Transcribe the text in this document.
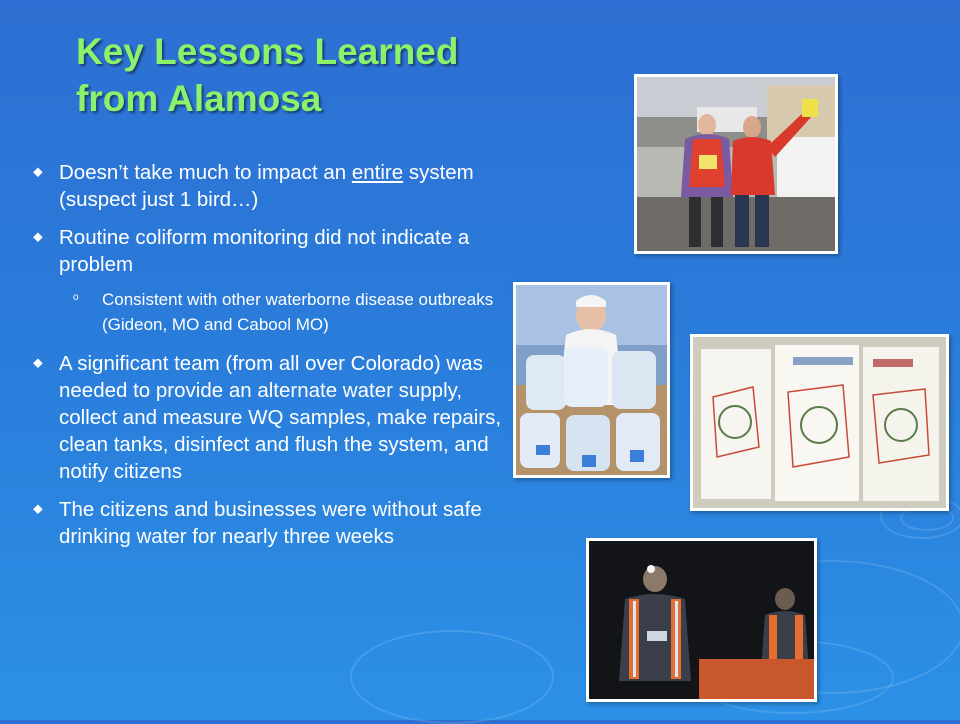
Key Lessons Learned
from Alamosa
⬥ Doesn’t take much to impact an entire system (suspect just 1 bird…)
⬥ Routine coliform monitoring did not indicate a problem
o Consistent with other waterborne disease outbreaks (Gideon, MO and Cabool MO)
⬥ A significant team (from all over Colorado) was needed to provide an alternate water supply, collect and measure WQ samples, make repairs, clean tanks, disinfect and flush the system, and notify citizens
⬥ The citizens and businesses were without safe drinking water for nearly three weeks
